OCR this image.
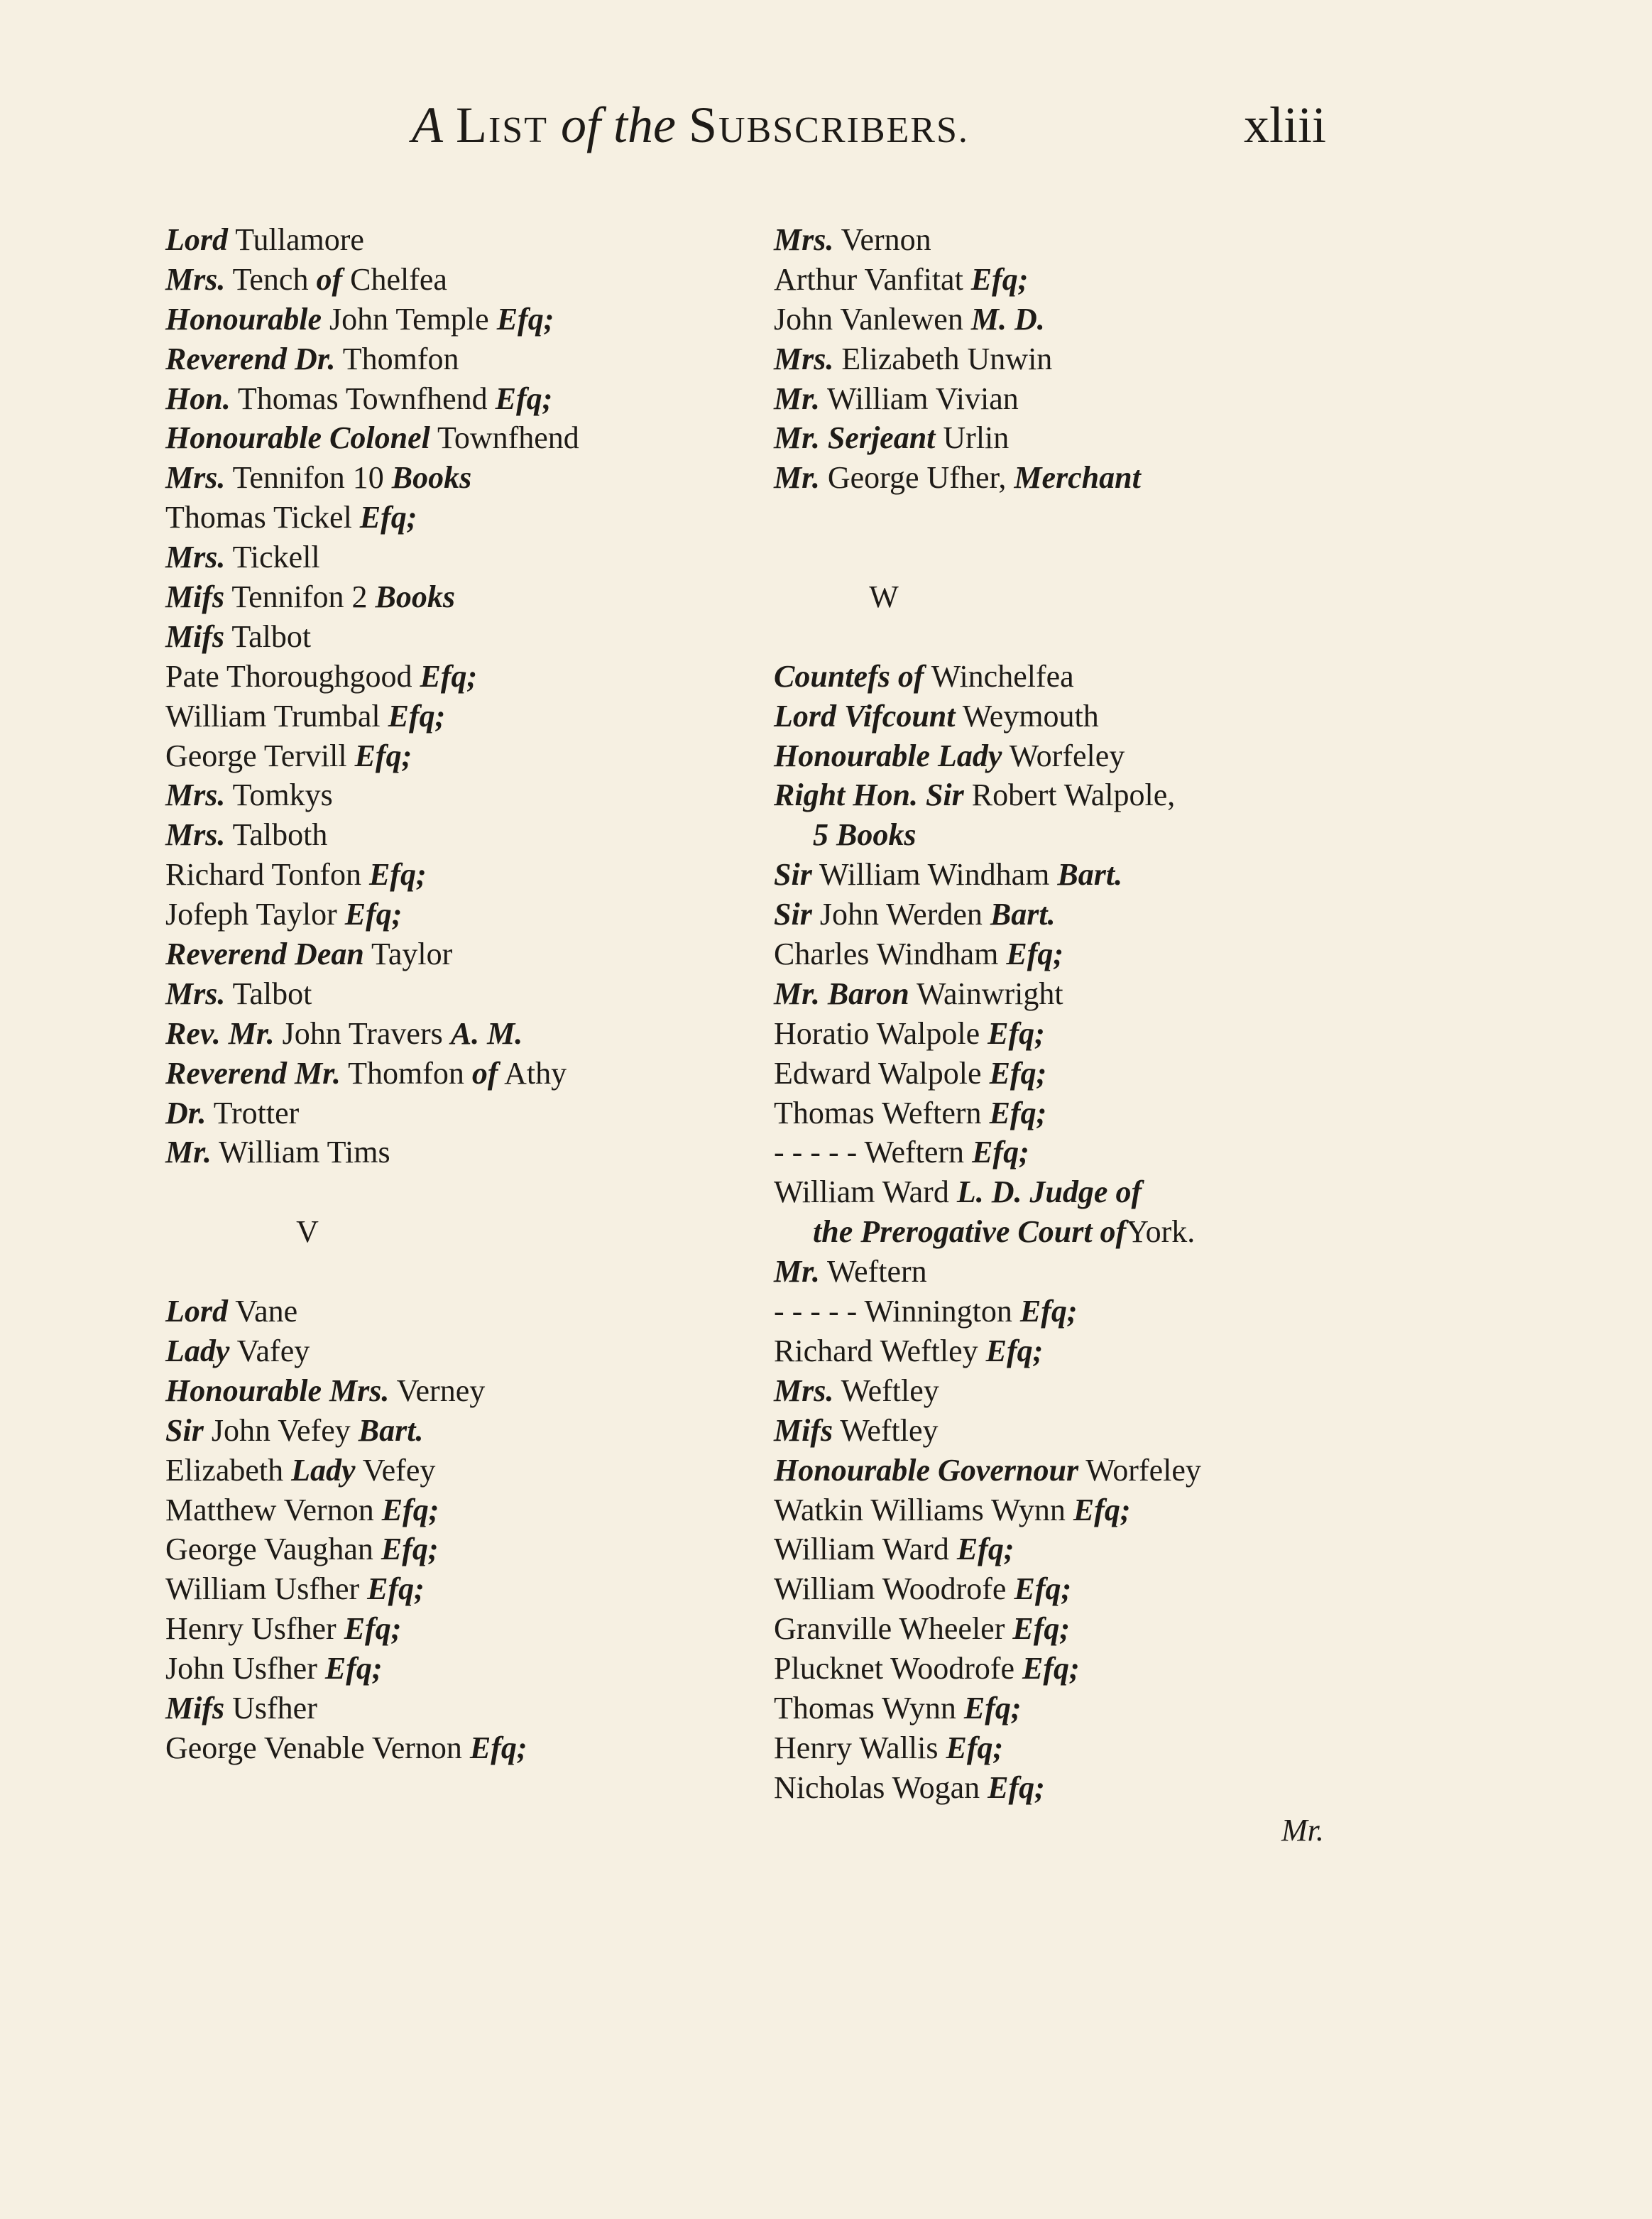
A LIST of the SUBSCRIBERS.	xliii
Lord Tullamore
Mrs. Tench of Chelfea
Honourable John Temple Efq;
Reverend Dr. Thomfon
Hon. Thomas Townfhend Efq;
Honourable Colonel Townfhend
Mrs. Tennifon 10 Books
Thomas Tickel Efq;
Mrs. Tickell
Mifs Tennifon 2 Books
Mifs Talbot
Pate Thoroughgood Efq;
William Trumbal Efq;
George Tervill Efq;
Mrs. Tomkys
Mrs. Talboth
Richard Tonfon Efq;
Jofeph Taylor Efq;
Reverend Dean Taylor
Mrs. Talbot
Rev. Mr. John Travers A. M.
Reverend Mr. Thomfon of Athy
Dr. Trotter
Mr. William Tims
V
Lord Vane
Lady Vafey
Honourable Mrs. Verney
Sir John Vefey Bart.
Elizabeth Lady Vefey
Matthew Vernon Efq;
George Vaughan Efq;
William Usfher Efq;
Henry Usfher Efq;
John Usfher Efq;
Mifs Usfher
George Venable Vernon Efq;
Mrs. Vernon
Arthur Vanfitat Efq;
John Vanlewen M. D.
Mrs. Elizabeth Unwin
Mr. William Vivian
Mr. Serjeant Urlin
Mr. George Ufher, Merchant
W
Countefs of Winchelfea
Lord Vifcount Weymouth
Honourable Lady Worfeley
Right Hon. Sir Robert Walpole,
5 Books
Sir William Windham Bart.
Sir John Werden Bart.
Charles Windham Efq;
Mr. Baron Wainwright
Horatio Walpole Efq;
Edward Walpole Efq;
Thomas Weftern Efq;
- - - - - Weftern Efq;
William Ward L. D. Judge of
the Prerogative Court ofYork.
Mr. Weftern
- - - - - Winnington Efq;
Richard Weftley Efq;
Mrs. Weftley
Mifs Weftley
Honourable Governour Worfeley
Watkin Williams Wynn Efq;
William Ward Efq;
William Woodrofe Efq;
Granville Wheeler Efq;
Plucknet Woodrofe Efq;
Thomas Wynn Efq;
Henry Wallis Efq;
Nicholas Wogan Efq;
Mr.
